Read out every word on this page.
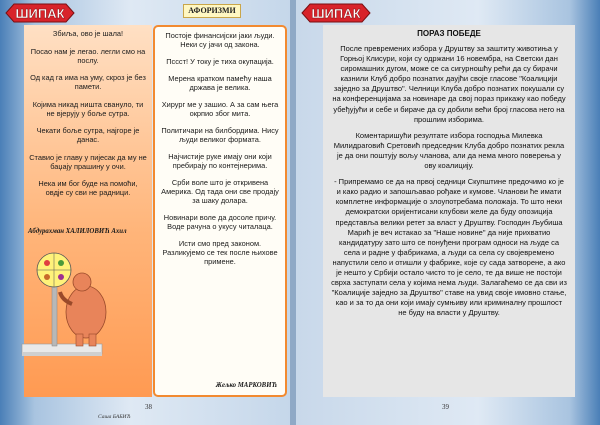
ШИПАК	АФОРИЗМИ

Збиља, ово је шала!

Посао нам је легао. легли смо на послу.

Од кад га има на уму, скроз је без памети.

Којима никад ништа свануло, ти не вјерују у боље сутра.

Чекати боље сутра, најгоре је данас.

Ставио је главу у пијесак да му не баџају прашину у очи.

Нека им бог буде на помоћи, овдје су сви не радници.

Абдурахман ХАЛИЛОВИЋ Ахил
Саша БАБИЋ

Постоје финансијски јаки људи. Неки су јачи од закона.

Пссст! У току је тиха окупација.

Мерена кратком памећу наша држава је велика.

Хирург ме у зашио. А за сам њега окрпио због мита.

Политичари на билбордима. Нису људи великог формата.

Најчистије руке имају они који пребирају по контејнерима.

Срби воле што је откривена Америка. Од тада они све продају за шаку долара.

Новинари воле да досоле причу. Воде рачуна о укусу читалаца.

Исти смо пред законом. Разликујемо се тек после њихове примене.

Жељко МАРКОВИЋ
38
ШИПАК
39
ПОРАЗ ПОБЕДЕ

После превремених избора у Друштву за заштиту животиња у Горњој Клисури, који су одржани 16 новембра, на Светски дан сиромашних дугом, може се са сигурношћу рећи да су бирачи казнили Клуб добро познатих даујћи своје гласове "Коалицији заједно за Друштво". Челници Клуба добро познатих покушали су на конференцијама за новинаре да свој пораз прикажу као победу убеђујући и себе и бираче да су добили већи број гласова него на прошлим изборима.

Коментаришући резултате избора господња Милевка Милидраговић Сретовић председник Клуба добро познатих рекла је да они поштују вољу чланова, али да нема много поверења у ову коалицију.

- Припремамо се да на првој седници Скупштине предочимо ко је и како радио и запошљавао рођаке и кумове. Чланови ће имати комплетне информације о злоупотребама положаја. То што неки демократски оријентисани клубови желе да буду опозиција представља велики ретет за власт у Друштву. Господин Љубиша Марић је веч истакао за "Наше новине" да није прихватио кандидатуру зато што се понуђени програм односи на људе са села и радне у фабрикама, а људи са села су својевремено напустили село и отишли у фабрике, које су сада затворене, а ако је нешто у Србији остало чисто то је село, те да више не постоји сврха заступати села у којима нема људи. Залагаћемо се да сви из "Коалиције заједно за Друштво" ставе на увид своје имовно стање, као и за то да они који имају сумњиву или криминалну прошлост не буду на власти у Друштву.
